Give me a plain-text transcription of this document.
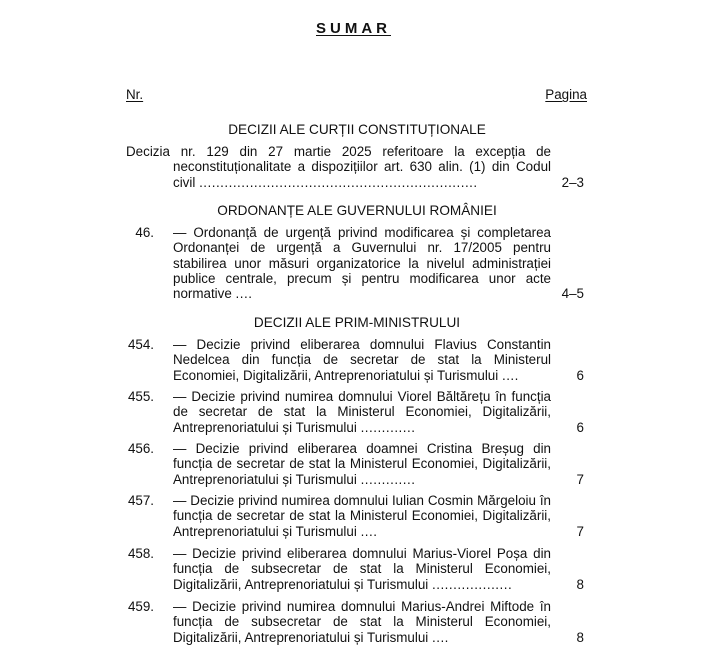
SUMAR
Nr.	Pagina
DECIZII ALE CURȚII CONSTITUȚIONALE
Decizia nr. 129 din 27 martie 2025 referitoare la excepția de
neconstituționalitate a dispozițiilor art. 630 alin. (1) din Codul civil ..................................................................	2–3
ORDONANȚE ALE GUVERNULUI ROMÂNIEI
46. — Ordonanță de urgență privind modificarea și completarea Ordonanței de urgență a Guvernului nr. 17/2005 pentru stabilirea unor măsuri organizatorice la nivelul administrației publice centrale, precum și pentru modificarea unor acte normative ....	4–5
DECIZII ALE PRIM-MINISTRULUI
454. — Decizie privind eliberarea domnului Flavius Constantin Nedelcea din funcția de secretar de stat la Ministerul Economiei, Digitalizării, Antreprenoriatului și Turismului ....	6
455. — Decizie privind numirea domnului Viorel Băltărețu în funcția de secretar de stat la Ministerul Economiei, Digitalizării, Antreprenoriatului și Turismului .............	6
456. — Decizie privind eliberarea doamnei Cristina Breșug din funcția de secretar de stat la Ministerul Economiei, Digitalizării, Antreprenoriatului și Turismului .............	7
457. — Decizie privind numirea domnului Iulian Cosmin Mărgeloiu în funcția de secretar de stat la Ministerul Economiei, Digitalizării, Antreprenoriatului și Turismului ....	7
458. — Decizie privind eliberarea domnului Marius-Viorel Poșa din funcția de subsecretar de stat la Ministerul Economiei, Digitalizării, Antreprenoriatului și Turismului ...................	8
459. — Decizie privind numirea domnului Marius-Andrei Miftode în funcția de subsecretar de stat la Ministerul Economiei, Digitalizării, Antreprenoriatului și Turismului ....	8
